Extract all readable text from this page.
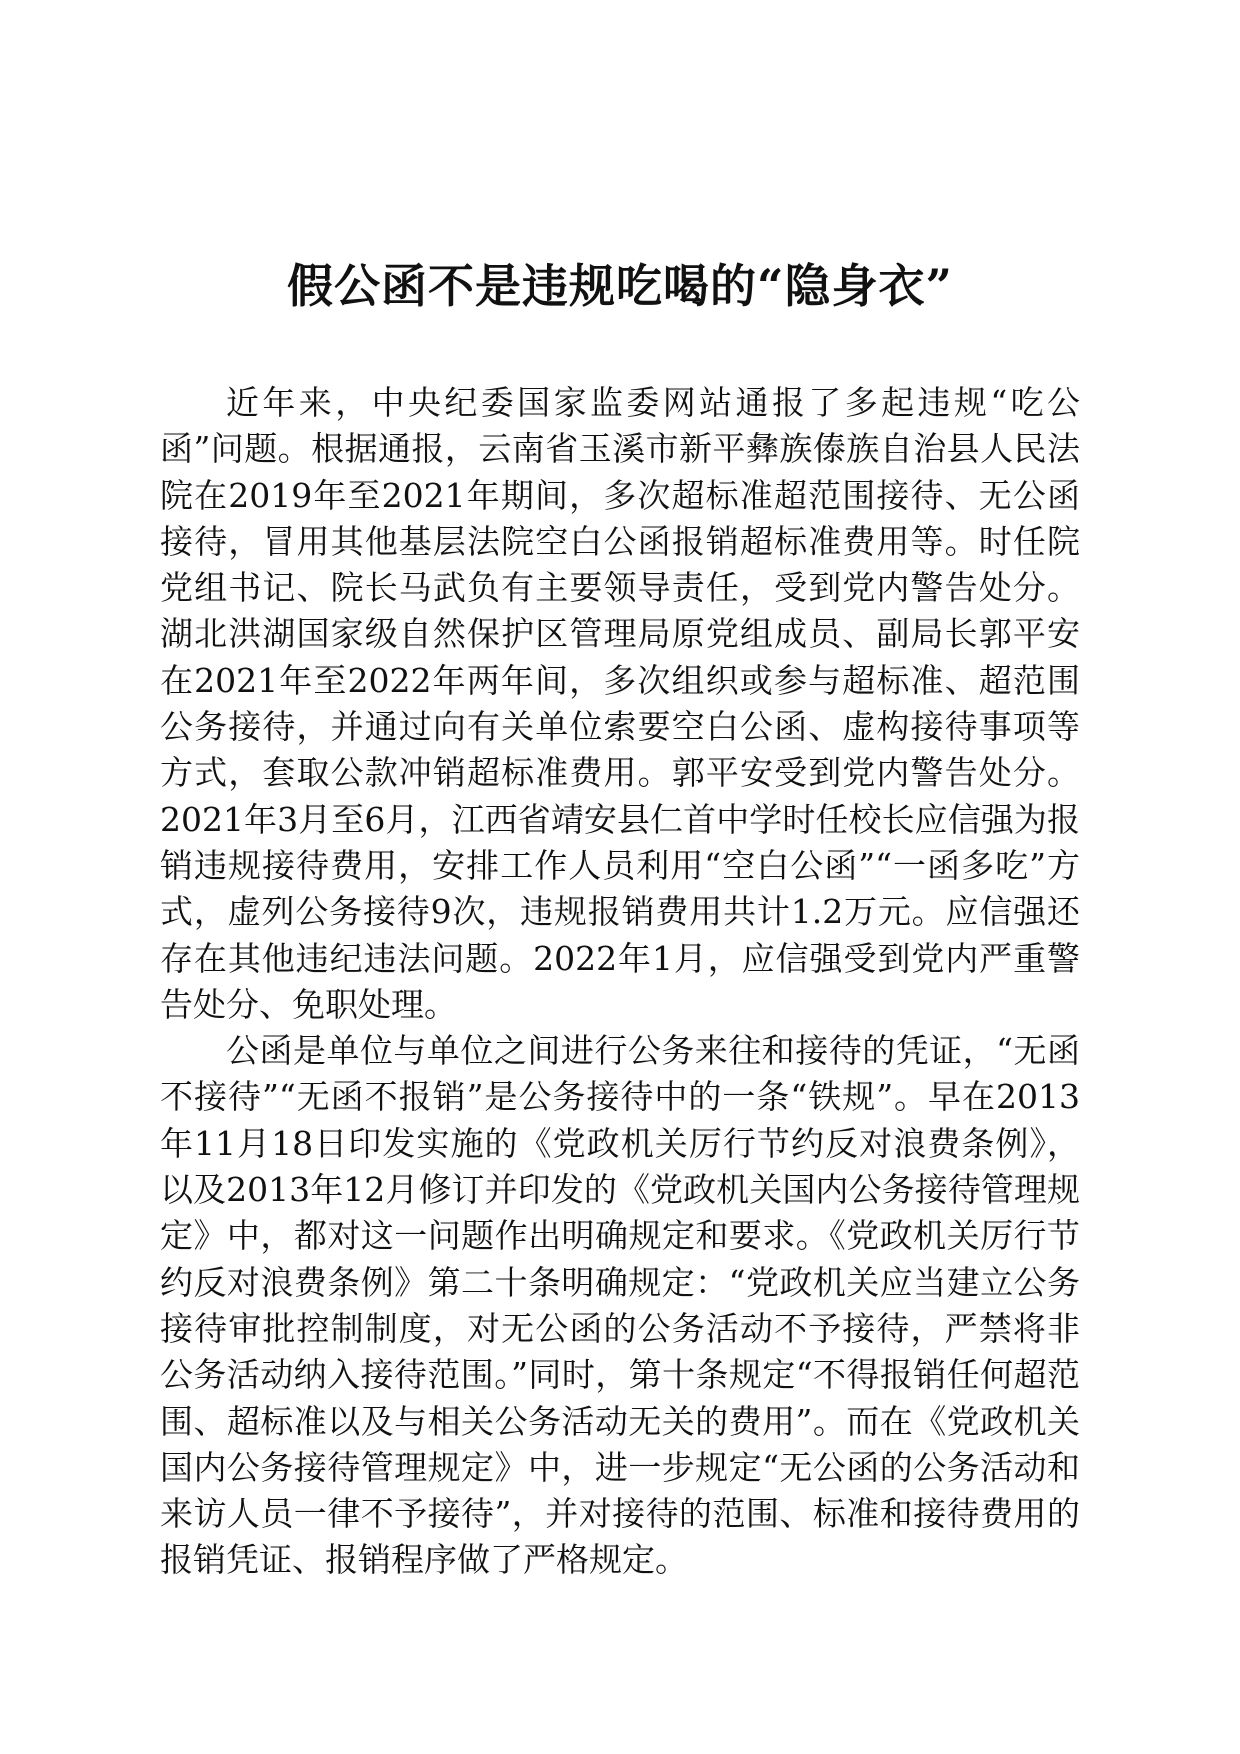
假公函不是违规吃喝的“隐身衣”

近年来，中央纪委国家监委网站通报了多起违规“吃公函”问题。根据通报，云南省玉溪市新平彝族傣族自治县人民法院在2019年至2021年期间，多次超标准超范围接待、无公函接待，冒用其他基层法院空白公函报销超标准费用等。时任院党组书记、院长马武负有主要领导责任，受到党内警告处分。湖北洪湖国家级自然保护区管理局原党组成员、副局长郭平安在2021年至2022年两年间，多次组织或参与超标准、超范围公务接待，并通过向有关单位索要空白公函、虚构接待事项等方式，套取公款冲销超标准费用。郭平安受到党内警告处分。2021年3月至6月，江西省靖安县仁首中学时任校长应信强为报销违规接待费用，安排工作人员利用“空白公函”“一函多吃”方式，虚列公务接待9次，违规报销费用共计1.2万元。应信强还存在其他违纪违法问题。2022年1月，应信强受到党内严重警告处分、免职处理。

公函是单位与单位之间进行公务来往和接待的凭证，“无函不接待”“无函不报销”是公务接待中的一条“铁规”。早在2013年11月18日印发实施的《党政机关厉行节约反对浪费条例》，以及2013年12月修订并印发的《党政机关国内公务接待管理规定》中，都对这一问题作出明确规定和要求。《党政机关厉行节约反对浪费条例》第二十条明确规定：“党政机关应当建立公务接待审批控制制度，对无公函的公务活动不予接待，严禁将非公务活动纳入接待范围。”同时，第十条规定“不得报销任何超范围、超标准以及与相关公务活动无关的费用”。而在《党政机关国内公务接待管理规定》中，进一步规定“无公函的公务活动和来访人员一律不予接待”，并对接待的范围、标准和接待费用的报销凭证、报销程序做了严格规定。
